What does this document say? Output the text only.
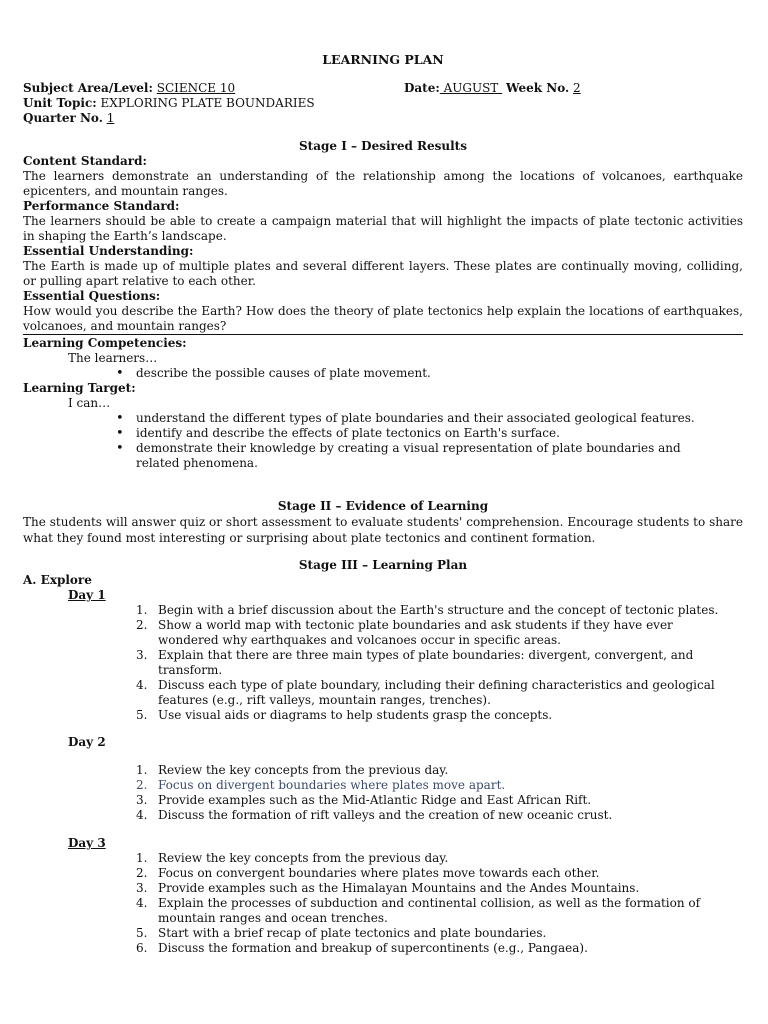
LEARNING PLAN
Subject Area/Level: SCIENCE 10	Date: AUGUST  Week No. 2
Unit Topic: EXPLORING PLATE BOUNDARIES
Quarter No. 1
Stage I – Desired Results
Content Standard:
The learners demonstrate an understanding of the relationship among the locations of volcanoes, earthquake epicenters, and mountain ranges.
Performance Standard:
The learners should be able to create a campaign material that will highlight the impacts of plate tectonic activities in shaping the Earth’s landscape.
Essential Understanding:
The Earth is made up of multiple plates and several different layers. These plates are continually moving, colliding, or pulling apart relative to each other.
Essential Questions:
How would you describe the Earth? How does the theory of plate tectonics help explain the locations of earthquakes, volcanoes, and mountain ranges?
Learning Competencies:
The learners…
• describe the possible causes of plate movement.
Learning Target:
I can…
• understand the different types of plate boundaries and their associated geological features.
• identify and describe the effects of plate tectonics on Earth's surface.
• demonstrate their knowledge by creating a visual representation of plate boundaries and related phenomena.
Stage II – Evidence of Learning
The students will answer quiz or short assessment to evaluate students' comprehension. Encourage students to share what they found most interesting or surprising about plate tectonics and continent formation.
Stage III – Learning Plan
A. Explore
Day 1
1. Begin with a brief discussion about the Earth's structure and the concept of tectonic plates.
2. Show a world map with tectonic plate boundaries and ask students if they have ever wondered why earthquakes and volcanoes occur in specific areas.
3. Explain that there are three main types of plate boundaries: divergent, convergent, and transform.
4. Discuss each type of plate boundary, including their defining characteristics and geological features (e.g., rift valleys, mountain ranges, trenches).
5. Use visual aids or diagrams to help students grasp the concepts.
Day 2
1. Review the key concepts from the previous day.
2. Focus on divergent boundaries where plates move apart.
3. Provide examples such as the Mid-Atlantic Ridge and East African Rift.
4. Discuss the formation of rift valleys and the creation of new oceanic crust.
Day 3
1. Review the key concepts from the previous day.
2. Focus on convergent boundaries where plates move towards each other.
3. Provide examples such as the Himalayan Mountains and the Andes Mountains.
4. Explain the processes of subduction and continental collision, as well as the formation of mountain ranges and ocean trenches.
5. Start with a brief recap of plate tectonics and plate boundaries.
6. Discuss the formation and breakup of supercontinents (e.g., Pangaea).
